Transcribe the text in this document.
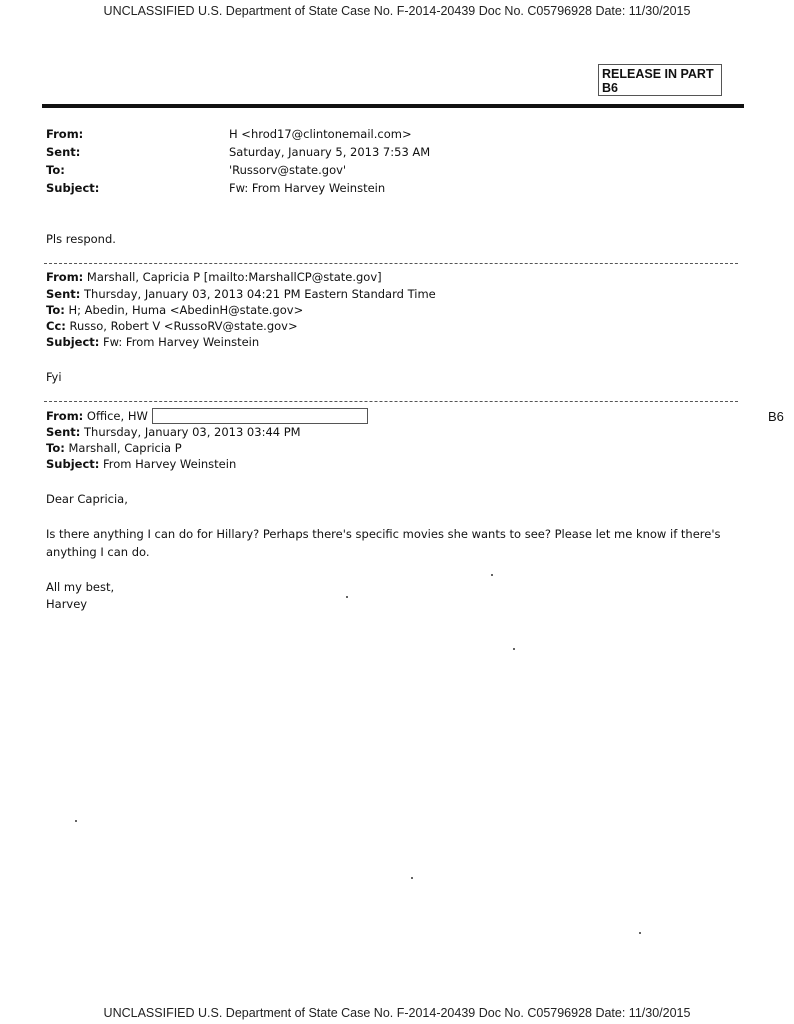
UNCLASSIFIED U.S. Department of State Case No. F-2014-20439 Doc No. C05796928 Date: 11/30/2015
RELEASE IN PART
B6
From:	H <hrod17@clintonemail.com>
Sent:	Saturday, January 5, 2013 7:53 AM
To:	'Russorv@state.gov'
Subject:	Fw: From Harvey Weinstein
Pls respond.
From: Marshall, Capricia P [mailto:MarshallCP@state.gov]
Sent: Thursday, January 03, 2013 04:21 PM Eastern Standard Time
To: H; Abedin, Huma <AbedinH@state.gov>
Cc: Russo, Robert V <RussoRV@state.gov>
Subject: Fw: From Harvey Weinstein
Fyi
From: Office, HW	B6
Sent: Thursday, January 03, 2013 03:44 PM
To: Marshall, Capricia P
Subject: From Harvey Weinstein
Dear Capricia,
Is there anything I can do for Hillary? Perhaps there's specific movies she wants to see? Please let me know if there's
anything I can do.
All my best,
Harvey
UNCLASSIFIED U.S. Department of State Case No. F-2014-20439 Doc No. C05796928 Date: 11/30/2015
